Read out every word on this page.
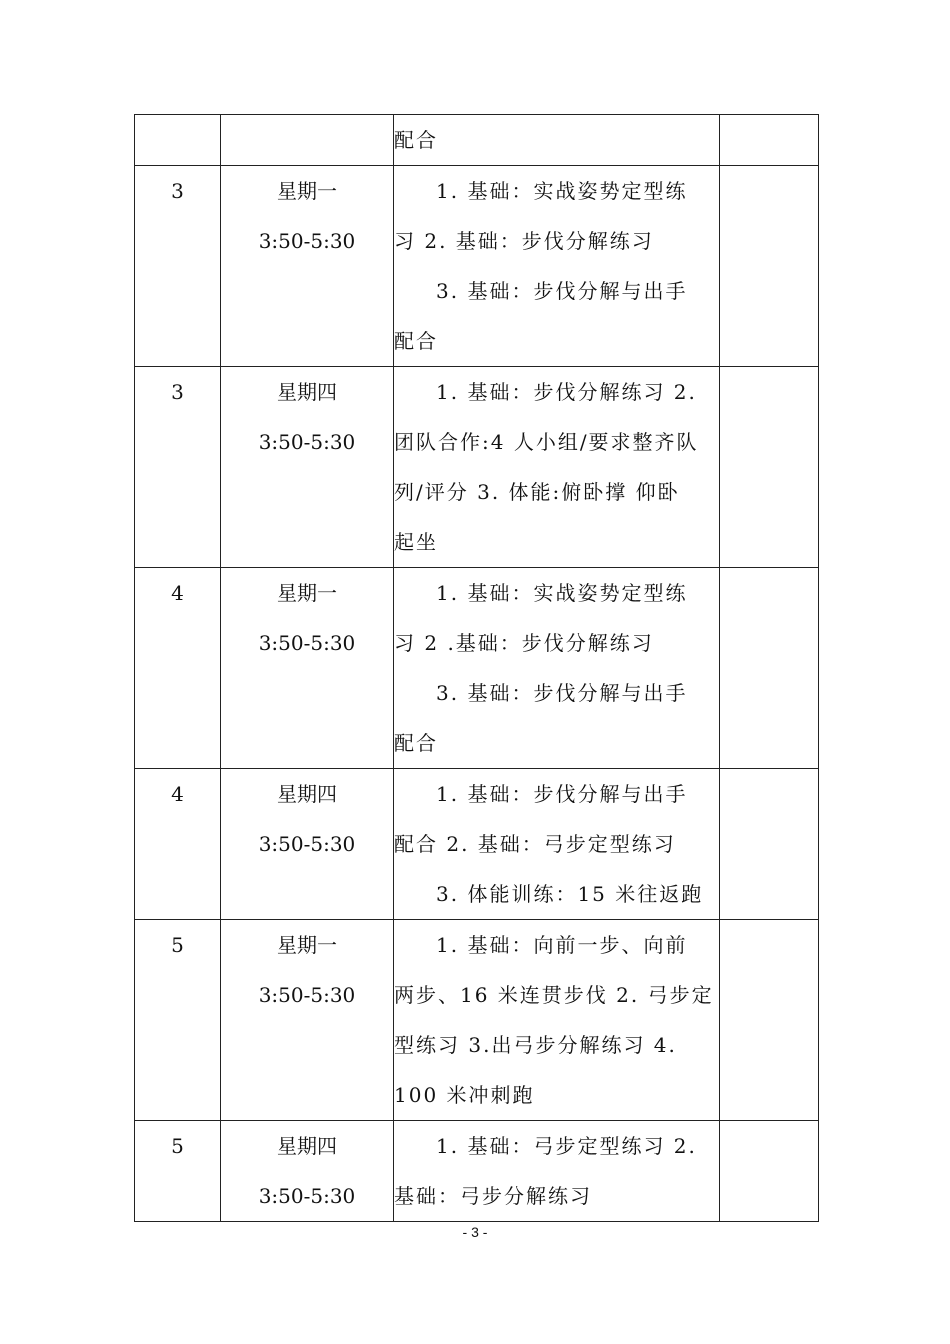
		配合	

3	星期一
3:50-5:30	1. 基础：实战姿势定型练
习 2. 基础：步伐分解练习
3. 基础：步伐分解与出手
配合	

3	星期四
3:50-5:30	1. 基础：步伐分解练习 2.
团队合作:4 人小组/要求整齐队
列/评分 3. 体能:俯卧撑 仰卧
起坐	

4	星期一
3:50-5:30	1. 基础：实战姿势定型练
习 2 .基础：步伐分解练习
3. 基础：步伐分解与出手
配合	

4	星期四
3:50-5:30	1. 基础：步伐分解与出手
配合 2. 基础：弓步定型练习
3. 体能训练：15 米往返跑	

5	星期一
3:50-5:30	1. 基础：向前一步、向前
两步、16 米连贯步伐 2. 弓步定
型练习 3.出弓步分解练习 4.
100 米冲刺跑	

5	星期四
3:50-5:30	1. 基础：弓步定型练习 2.
基础：弓步分解练习	

- 3 -
